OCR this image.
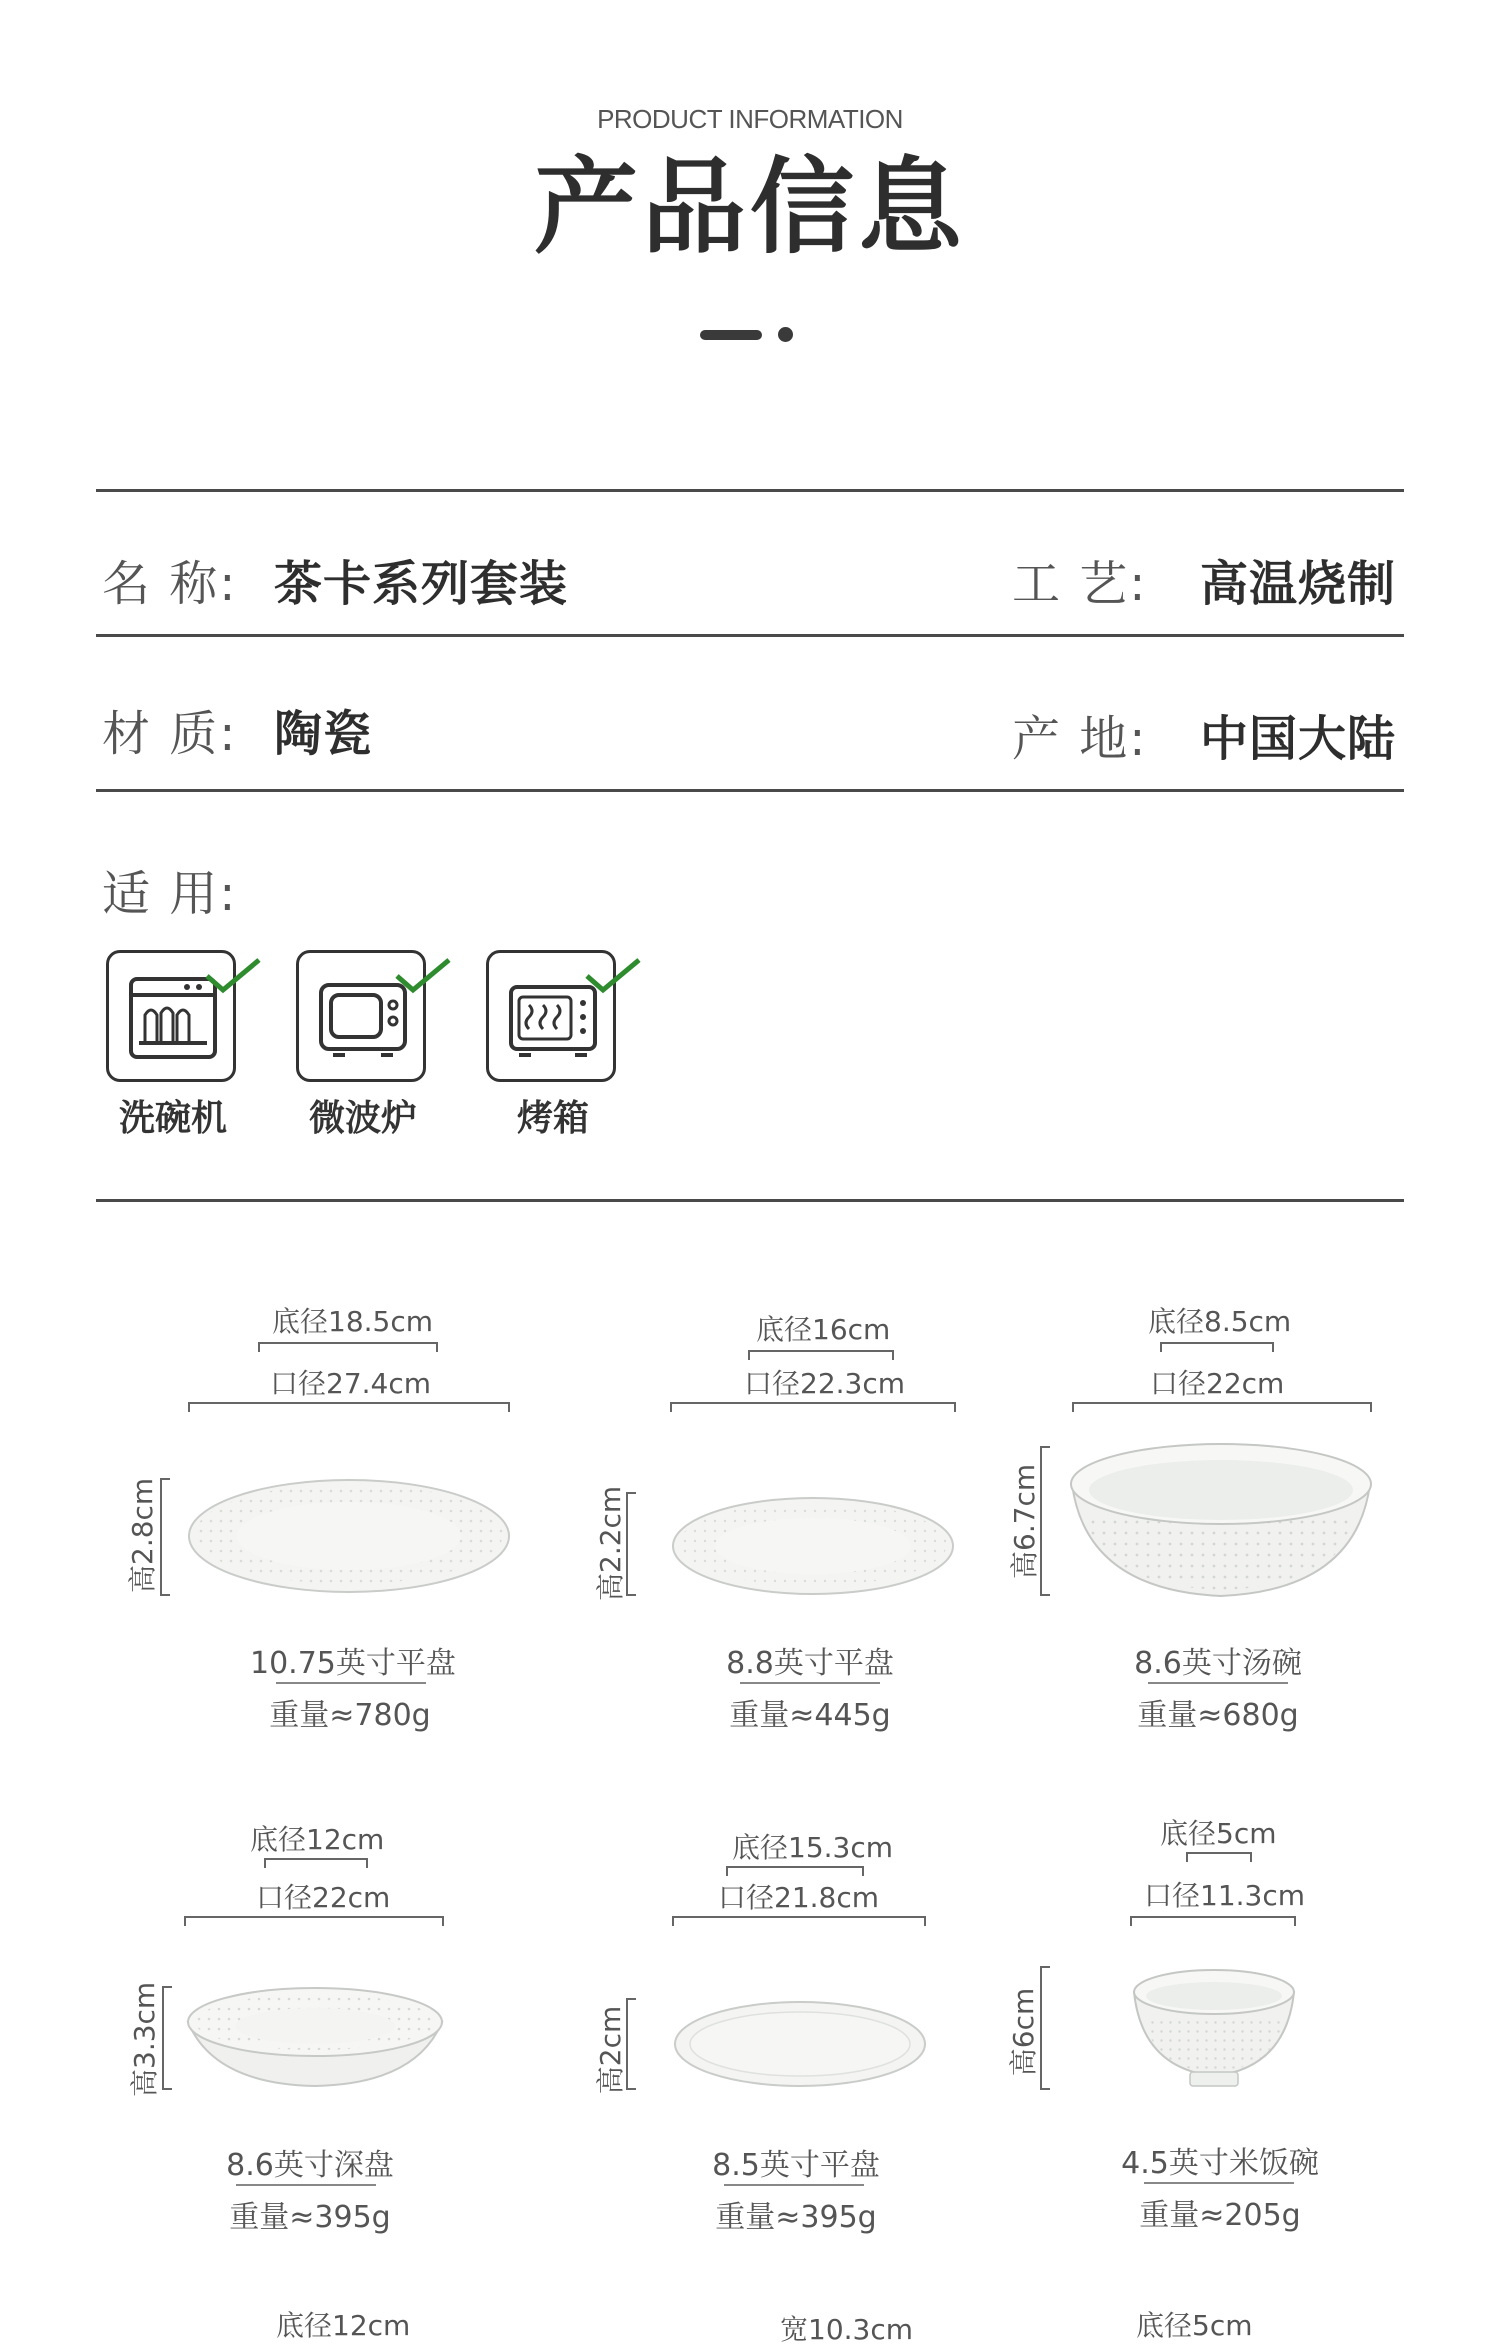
PRODUCT INFORMATION
产品信息
名 称: 茶卡系列套装	工 艺: 高温烧制
材 质: 陶瓷	产 地: 中国大陆
适 用:
洗碗机	微波炉	烤箱
底径18.5cm
口径27.4cm
高2.8cm
10.75英寸平盘
重量≈780g
底径16cm
口径22.3cm
高2.2cm
8.8英寸平盘
重量≈445g
底径8.5cm
口径22cm
高6.7cm
8.6英寸汤碗
重量≈680g
底径12cm
口径22cm
高3.3cm
8.6英寸深盘
重量≈395g
底径15.3cm
口径21.8cm
高2cm
8.5英寸平盘
重量≈395g
底径5cm
口径11.3cm
高6cm
4.5英寸米饭碗
重量≈205g
底径12cm	宽10.3cm	底径5cm
